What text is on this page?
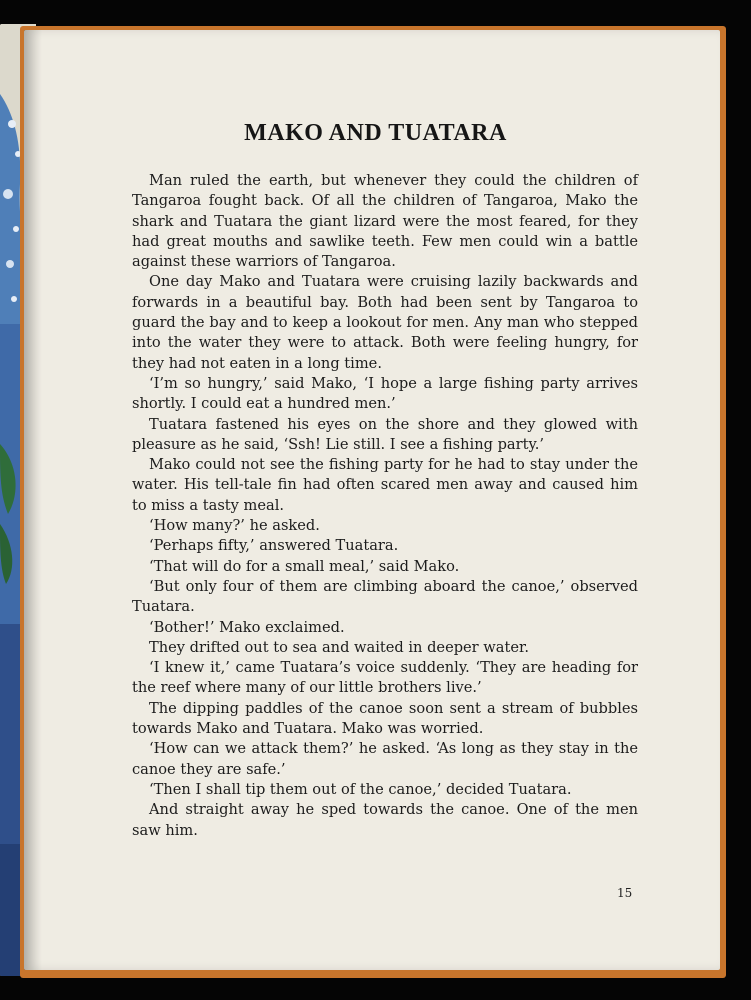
MAKO AND TUATARA

Man ruled the earth, but whenever they could the children of Tangaroa fought back. Of all the children of Tangaroa, Mako the shark and Tuatara the giant lizard were the most feared, for they had great mouths and sawlike teeth. Few men could win a battle against these warriors of Tangaroa.

One day Mako and Tuatara were cruising lazily backwards and forwards in a beautiful bay. Both had been sent by Tangaroa to guard the bay and to keep a lookout for men. Any man who stepped into the water they were to attack. Both were feeling hungry, for they had not eaten in a long time.

‘I’m so hungry,’ said Mako, ‘I hope a large fishing party arrives shortly. I could eat a hundred men.’

Tuatara fastened his eyes on the shore and they glowed with pleasure as he said, ‘Ssh! Lie still. I see a fishing party.’

Mako could not see the fishing party for he had to stay under the water. His tell-tale fin had often scared men away and caused him to miss a tasty meal.

‘How many?’ he asked.

‘Perhaps fifty,’ answered Tuatara.

‘That will do for a small meal,’ said Mako.

‘But only four of them are climbing aboard the canoe,’ observed Tuatara.

‘Bother!’ Mako exclaimed.

They drifted out to sea and waited in deeper water.

‘I knew it,’ came Tuatara’s voice suddenly. ‘They are heading for the reef where many of our little brothers live.’

The dipping paddles of the canoe soon sent a stream of bubbles towards Mako and Tuatara. Mako was worried.

‘How can we attack them?’ he asked. ‘As long as they stay in the canoe they are safe.’

‘Then I shall tip them out of the canoe,’ decided Tuatara.

And straight away he sped towards the canoe. One of the men saw him.

15
